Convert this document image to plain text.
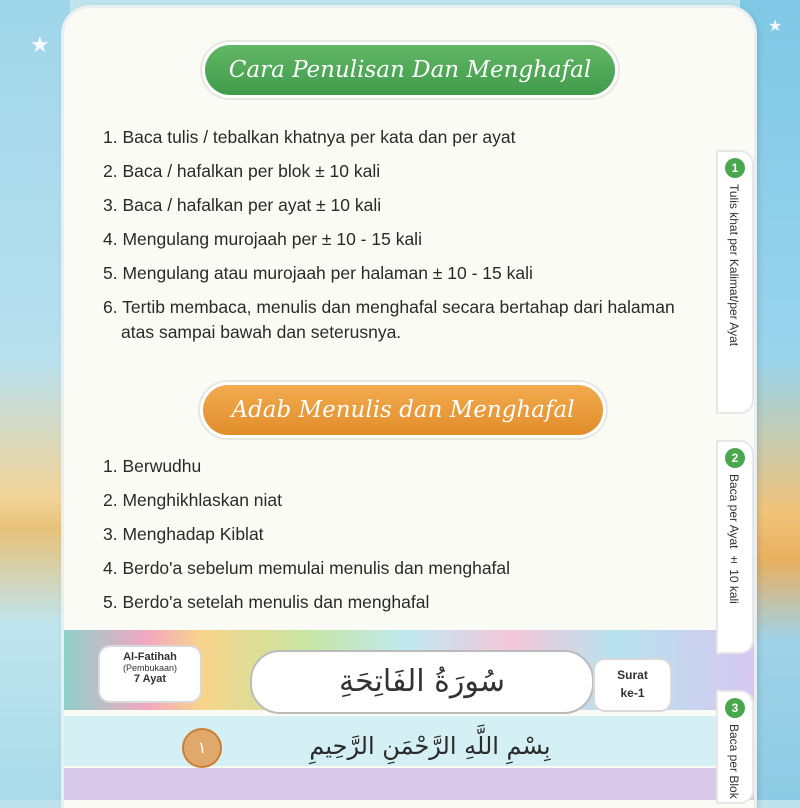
★
★
Cara Penulisan Dan Menghafal
1. Baca tulis / tebalkan khatnya per kata dan per ayat
2. Baca / hafalkan per blok ± 10 kali
3. Baca / hafalkan per ayat ± 10 kali
4. Mengulang murojaah per ± 10 - 15 kali
5. Mengulang atau murojaah per halaman ± 10 - 15 kali
6. Tertib membaca, menulis dan menghafal secara bertahap dari halaman
atas sampai bawah dan seterusnya.
Adab Menulis dan Menghafal
1. Berwudhu
2. Menghikhlaskan niat
3. Menghadap Kiblat
4. Berdo'a sebelum memulai menulis dan menghafal
5. Berdo'a setelah menulis dan menghafal
Al-Fatihah
(Pembukaan)
7 Ayat	سُورَةُ الفَاتِحَةِ	Surat
ke-1
١	بِسْمِ اللَّهِ الرَّحْمَنِ الرَّحِيمِ
1
Tulis khat per Kalimat/per Ayat
2
Baca per Ayat ± 10 kali
3
Baca per Blok
